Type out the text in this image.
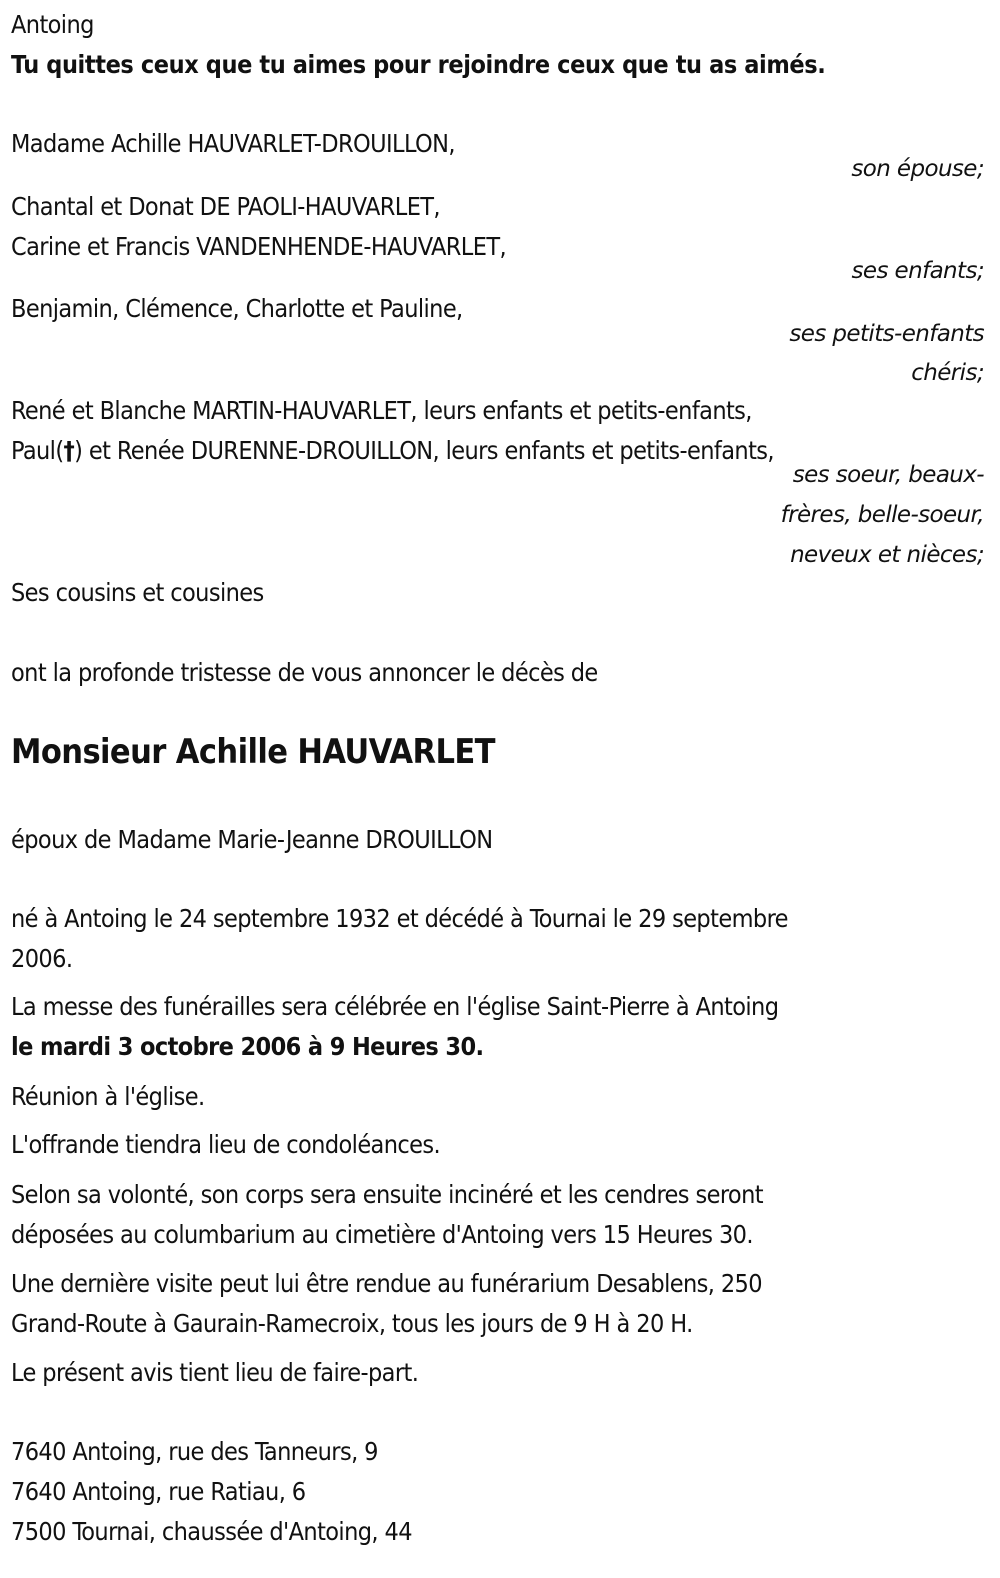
Antoing
Tu quittes ceux que tu aimes pour rejoindre ceux que tu as aimés.
Madame Achille HAUVARLET-DROUILLON,
son épouse;
Chantal et Donat DE PAOLI-HAUVARLET,
Carine et Francis VANDENHENDE-HAUVARLET,
ses enfants;
Benjamin, Clémence, Charlotte et Pauline,
ses petits-enfants
chéris;
René et Blanche MARTIN-HAUVARLET, leurs enfants et petits-enfants,
Paul(†) et Renée DURENNE-DROUILLON, leurs enfants et petits-enfants,
ses soeur, beaux-
frères, belle-soeur,
neveux et nièces;
Ses cousins et cousines
ont la profonde tristesse de vous annoncer le décès de
Monsieur Achille HAUVARLET
époux de Madame Marie-Jeanne DROUILLON
né à Antoing le 24 septembre 1932 et décédé à Tournai le 29 septembre
2006.
La messe des funérailles sera célébrée en l'église Saint-Pierre à Antoing
le mardi 3 octobre 2006 à 9 Heures 30.
Réunion à l'église.
L'offrande tiendra lieu de condoléances.
Selon sa volonté, son corps sera ensuite incinéré et les cendres seront
déposées au columbarium au cimetière d'Antoing vers 15 Heures 30.
Une dernière visite peut lui être rendue au funérarium Desablens, 250
Grand-Route à Gaurain-Ramecroix, tous les jours de 9 H à 20 H.
Le présent avis tient lieu de faire-part.
7640 Antoing, rue des Tanneurs, 9
7640 Antoing, rue Ratiau, 6
7500 Tournai, chaussée d'Antoing, 44
